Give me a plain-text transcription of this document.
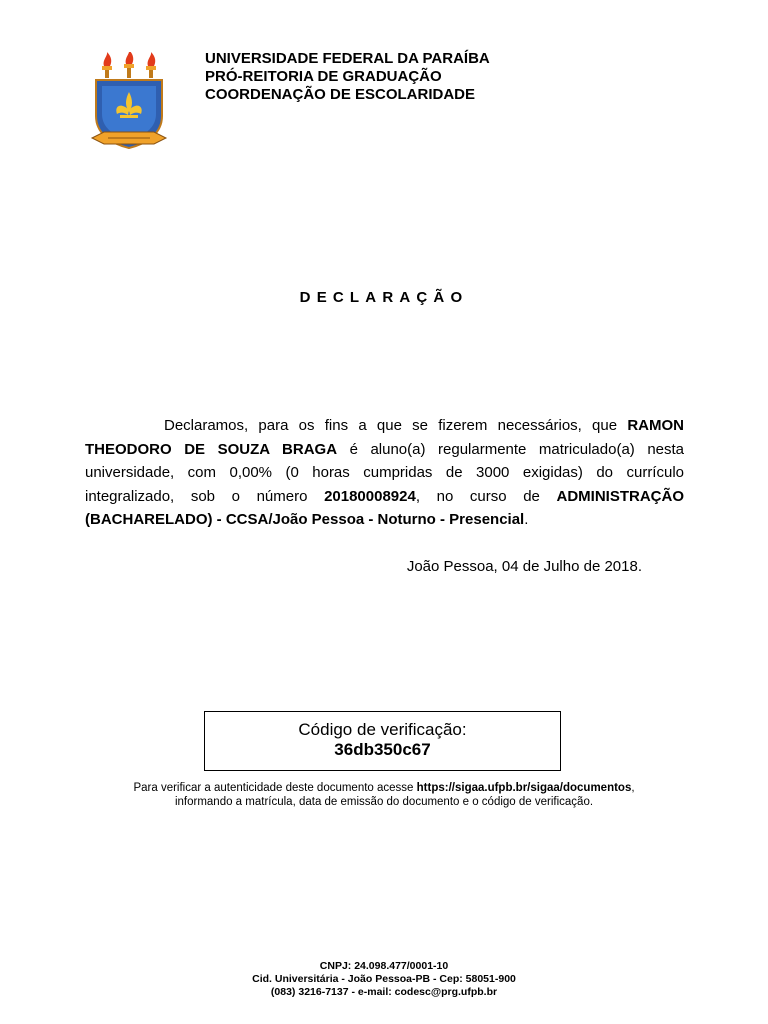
UNIVERSIDADE FEDERAL DA PARAÍBA
PRÓ-REITORIA DE GRADUAÇÃO
COORDENAÇÃO DE ESCOLARIDADE
DECLARAÇÃO
Declaramos, para os fins a que se fizerem necessários, que RAMON THEODORO DE SOUZA BRAGA é aluno(a) regularmente matriculado(a) nesta universidade, com 0,00% (0 horas cumpridas de 3000 exigidas) do currículo integralizado, sob o número 20180008924, no curso de ADMINISTRAÇÃO (BACHARELADO) - CCSA/João Pessoa - Noturno - Presencial.
João Pessoa, 04 de Julho de 2018.
Código de verificação:
36db350c67
Para verificar a autenticidade deste documento acesse https://sigaa.ufpb.br/sigaa/documentos,
informando a matrícula, data de emissão do documento e o código de verificação.
CNPJ: 24.098.477/0001-10
Cid. Universitária - João Pessoa-PB - Cep: 58051-900
(083) 3216-7137 - e-mail: codesc@prg.ufpb.br
